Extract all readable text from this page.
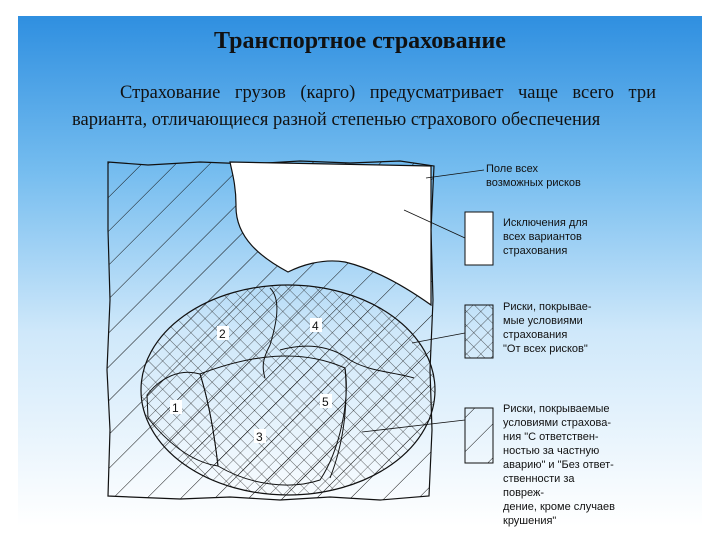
Транспортное страхование
Страхование грузов (карго) предусматривает чаще всего три варианта, отличающиеся разной степенью страхового обеспечения
Поле всех
возможных рисков
Исключения для
всех вариантов
страхования
Риски, покрывае-
мые условиями
страхования
"От всех рисков"
Риски, покрываемые
условиями страхова-
ния "С ответствен-
ностью за частную
аварию" и "Без ответ-
ственности за
повреж-
дение, кроме случаев
крушения"
1
2
3
4
5
